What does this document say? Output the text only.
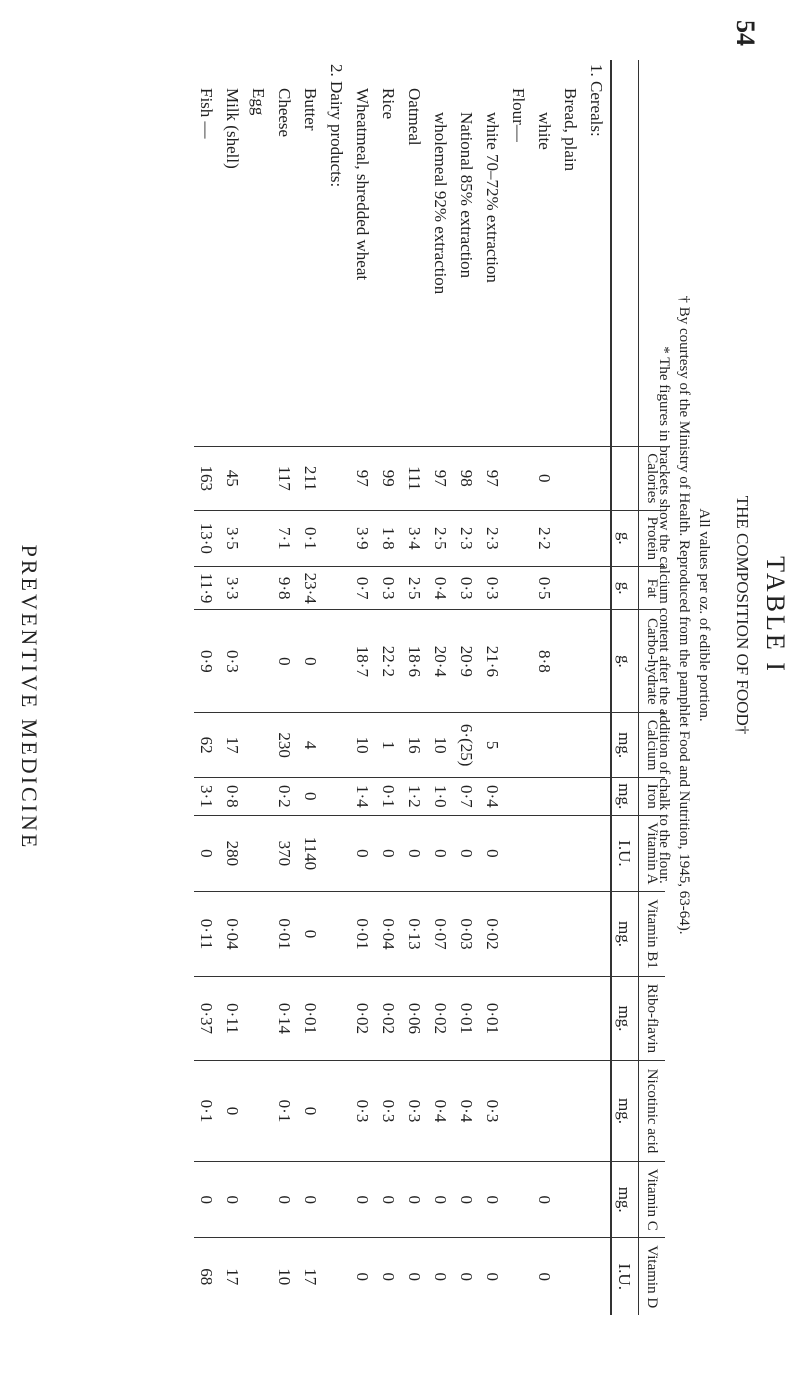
54
TABLE I
THE COMPOSITION OF FOOD†
All values per oz. of edible portion.
† By courtesy of the Ministry of Health. Reproduced from the pamphlet Food and Nutrition, 1945, 63-64).
* The figures in brackets show the calcium content after the addition of chalk to the flour.
	Calories	Protein	Fat	Carbo-hydrate	Calcium	Iron	Vitamin A	Vitamin B1	Ribo-flavin	Nicotinic acid	Vitamin C	Vitamin D
		g.	g.	g.	mg.	mg.	I.U.	mg.	mg.	mg.	mg.	I.U.
1. Cereals:												
Bread, plain												
white	0	2·2	0·5	8·8							0	0
Flour—												
white 70–72% extraction	97	2·3	0·3	21·6	5	0·4	0	0·02	0·01	0·3	0	0
National 85% extraction	98	2·3	0·3	20·9	6·(25)	0·7	0	0·03	0·01	0·4	0	0
wholemeal 92% extraction	97	2·5	0·4	20·4	10	1·0	0	0·07	0·02	0·4	0	0
Oatmeal	111	3·4	2·5	18·6	16	1·2	0	0·13	0·06	0·3	0	0
Rice	99	1·8	0·3	22·2	1	0·1	0	0·04	0·02	0·3	0	0
Wheatmeal, shredded wheat	97	3·9	0·7	18·7	10	1·4	0	0·01	0·02	0·3	0	0
2. Dairy products:												
Butter	211	0·1	23·4	0	4	0	1140	0	0·01	0	0	17
Cheese	117	7·1	9·8	0	230	0·2	370	0·01	0·14	0·1	0	10
Egg												
Milk (shell)	45	3·5	3·3	0·3	17	0·8	280	0·04	0·11	0	0	17
Fish —	163	13·0	11·9	0·9	62	3·1	0	0·11	0·37	0·1	0	68
PREVENTIVE MEDICINE
